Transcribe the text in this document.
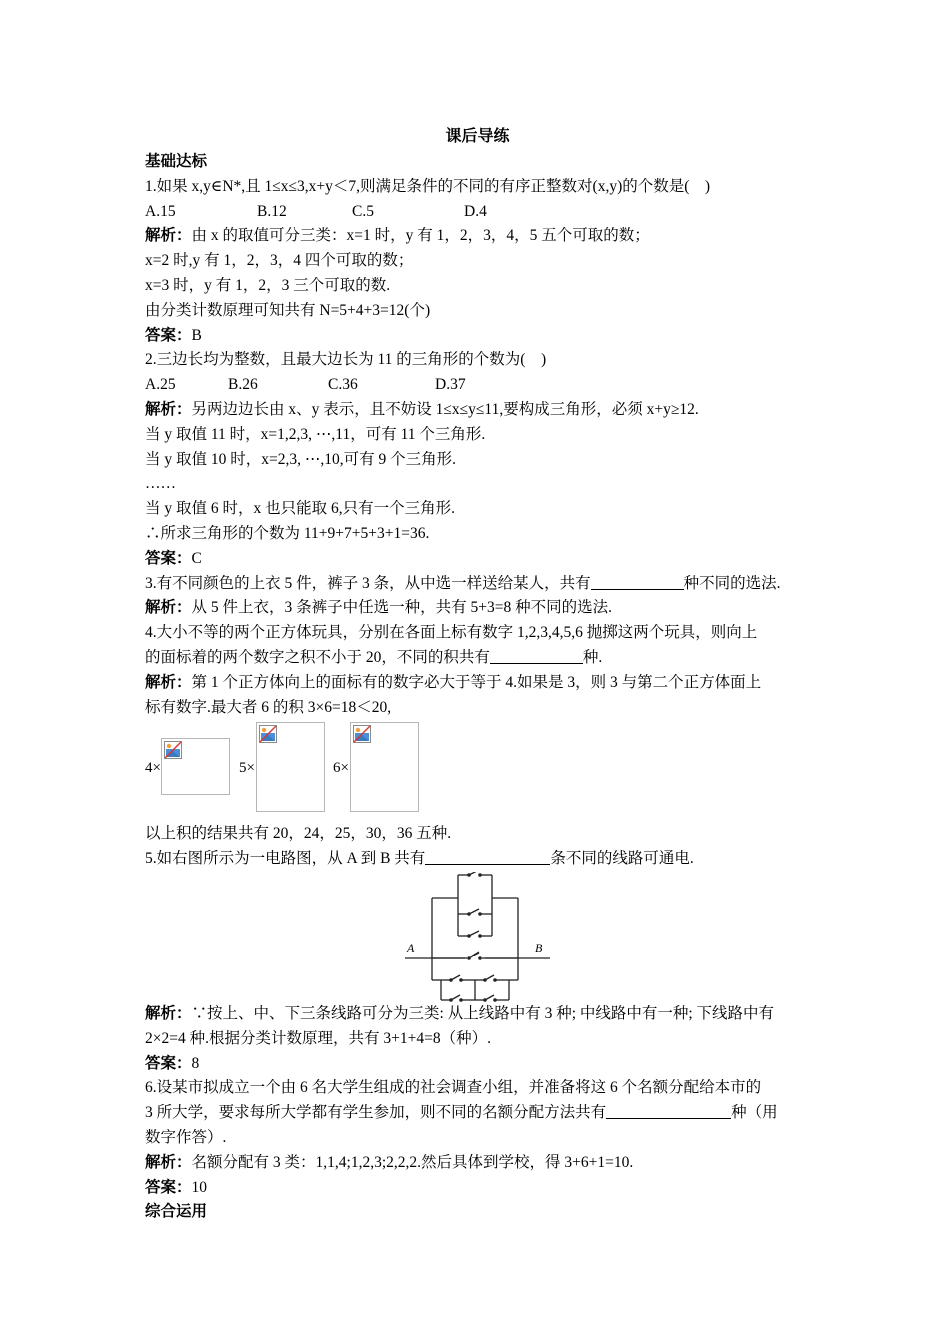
课后导练
基础达标
1.如果 x,y∈N*,且 1≤x≤3,x+y＜7,则满足条件的不同的有序正整数对(x,y)的个数是(　)
A.15	B.12	C.5	D.4
解析：由 x 的取值可分三类：x=1 时，y 有 1，2，3，4，5 五个可取的数；
x=2 时,y 有 1，2，3，4 四个可取的数；
x=3 时，y 有 1，2，3 三个可取的数.
由分类计数原理可知共有 N=5+4+3=12(个)
答案：B
2.三边长均为整数，且最大边长为 11 的三角形的个数为(　)
A.25	B.26	C.36	D.37
解析：另两边边长由 x、y 表示，且不妨设 1≤x≤y≤11,要构成三角形，必须 x+y≥12.
当 y 取值 11 时，x=1,2,3, ⋯,11，可有 11 个三角形.
当 y 取值 10 时，x=2,3, ⋯,10,可有 9 个三角形.
……
当 y 取值 6 时，x 也只能取 6,只有一个三角形.
∴所求三角形的个数为 11+9+7+5+3+1=36.
答案：C
3.有不同颜色的上衣 5 件，裤子 3 条，从中选一样送给某人，共有	种不同的选法.
解析：从 5 件上衣，3 条裤子中任选一种，共有 5+3=8 种不同的选法.
4.大小不等的两个正方体玩具，分别在各面上标有数字 1,2,3,4,5,6 抛掷这两个玩具，则向上
的面标着的两个数字之积不小于 20，不同的积共有	种.
解析：第 1 个正方体向上的面标有的数字必大于等于 4.如果是 3，则 3 与第二个正方体面上
标有数字.最大者 6 的积 3×6=18＜20,
4×	5×	6×
以上积的结果共有 20，24，25，30，36 五种.
5.如右图所示为一电路图，从 A 到 B 共有	条不同的线路可通电.
A	B
解析：∵按上、中、下三条线路可分为三类: 从上线路中有 3 种; 中线路中有一种; 下线路中有
2×2=4 种.根据分类计数原理，共有 3+1+4=8（种）.
答案：8
6.设某市拟成立一个由 6 名大学生组成的社会调查小组，并准备将这 6 个名额分配给本市的
3 所大学，要求每所大学都有学生参加，则不同的名额分配方法共有	种（用
数字作答）.
解析：名额分配有 3 类：1,1,4;1,2,3;2,2,2.然后具体到学校，得 3+6+1=10.
答案：10
综合运用
